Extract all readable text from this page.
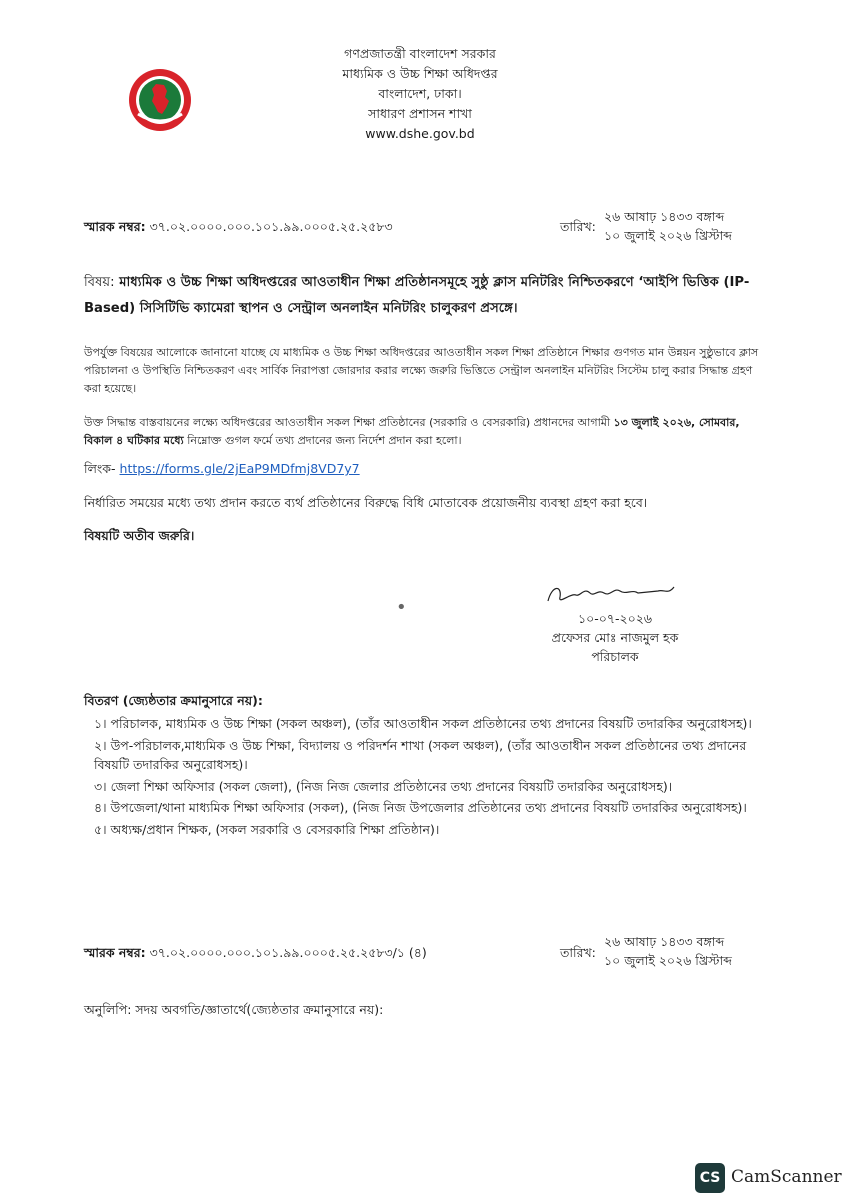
গণপ্রজাতন্ত্রী বাংলাদেশ সরকার
মাধ্যমিক ও উচ্চ শিক্ষা অধিদপ্তর
বাংলাদেশ, ঢাকা।
সাধারণ প্রশাসন শাখা
www.dshe.gov.bd
স্মারক নম্বর: ৩৭.০২.০০০০.০০০.১০১.৯৯.০০০৫.২৫.২৫৮৩	তারিখ:
২৬ আষাঢ় ১৪৩৩ বঙ্গাব্দ
১০ জুলাই ২০২৬ খ্রিস্টাব্দ
বিষয়: মাধ্যমিক ও উচ্চ শিক্ষা অধিদপ্তরের আওতাধীন শিক্ষা প্রতিষ্ঠানসমূহে সুষ্ঠু ক্লাস মনিটরিং নিশ্চিতকরণে ‘আইপি ভিত্তিক (IP-Based) সিসিটিভি ক্যামেরা স্থাপন ও সেন্ট্রাল অনলাইন মনিটরিং চালুকরণ প্রসঙ্গে।
উপর্যুক্ত বিষয়ের আলোকে জানানো যাচ্ছে যে মাধ্যমিক ও উচ্চ শিক্ষা অধিদপ্তরের আওতাধীন সকল শিক্ষা প্রতিষ্ঠানে শিক্ষার গুণগত মান উন্নয়ন সুষ্ঠুভাবে ক্লাস পরিচালনা ও উপস্থিতি নিশ্চিতকরণ এবং সার্বিক নিরাপত্তা জোরদার করার লক্ষ্যে জরুরি ভিত্তিতে সেন্ট্রাল অনলাইন মনিটরিং সিস্টেম চালু করার সিদ্ধান্ত গ্রহণ করা হয়েছে।
উক্ত সিদ্ধান্ত বাস্তবায়নের লক্ষ্যে অধিদপ্তরের আওতাধীন সকল শিক্ষা প্রতিষ্ঠানের (সরকারি ও বেসরকারি) প্রধানদের আগামী ১৩ জুলাই ২০২৬, সোমবার, বিকাল ৪ ঘটিকার মধ্যে নিম্নোক্ত গুগল ফর্মে তথ্য প্রদানের জন্য নির্দেশ প্রদান করা হলো।
লিংক- https://forms.gle/2jEaP9MDfmj8VD7y7
নির্ধারিত সময়ের মধ্যে তথ্য প্রদান করতে ব্যর্থ প্রতিষ্ঠানের বিরুদ্ধে বিধি মোতাবেক প্রয়োজনীয় ব্যবস্থা গ্রহণ করা হবে।
বিষয়টি অতীব জরুরি।
•
১০-০৭-২০২৬
প্রফেসর মোঃ নাজমুল হক
পরিচালক
বিতরণ (জ্যেষ্ঠতার ক্রমানুসারে নয়):
১। পরিচালক, মাধ্যমিক ও উচ্চ শিক্ষা (সকল অঞ্চল), (তাঁর আওতাধীন সকল প্রতিষ্ঠানের তথ্য প্রদানের বিষয়টি তদারকির অনুরোধসহ)।
২। উপ-পরিচালক,মাধ্যমিক ও উচ্চ শিক্ষা, বিদ্যালয় ও পরিদর্শন শাখা (সকল অঞ্চল), (তাঁর আওতাধীন সকল প্রতিষ্ঠানের তথ্য প্রদানের বিষয়টি তদারকির অনুরোধসহ)।
৩। জেলা শিক্ষা অফিসার (সকল জেলা), (নিজ নিজ জেলার প্রতিষ্ঠানের তথ্য প্রদানের বিষয়টি তদারকির অনুরোধসহ)।
৪। উপজেলা/থানা মাধ্যমিক শিক্ষা অফিসার (সকল), (নিজ নিজ উপজেলার প্রতিষ্ঠানের তথ্য প্রদানের বিষয়টি তদারকির অনুরোধসহ)।
৫। অধ্যক্ষ/প্রধান শিক্ষক, (সকল সরকারি ও বেসরকারি শিক্ষা প্রতিষ্ঠান)।
স্মারক নম্বর: ৩৭.০২.০০০০.০০০.১০১.৯৯.০০০৫.২৫.২৫৮৩/১ (৪)	তারিখ:
২৬ আষাঢ় ১৪৩৩ বঙ্গাব্দ
১০ জুলাই ২০২৬ খ্রিস্টাব্দ
অনুলিপি: সদয় অবগতি/জ্ঞাতার্থে(জ্যেষ্ঠতার ক্রমানুসারে নয়):
CS CamScanner
